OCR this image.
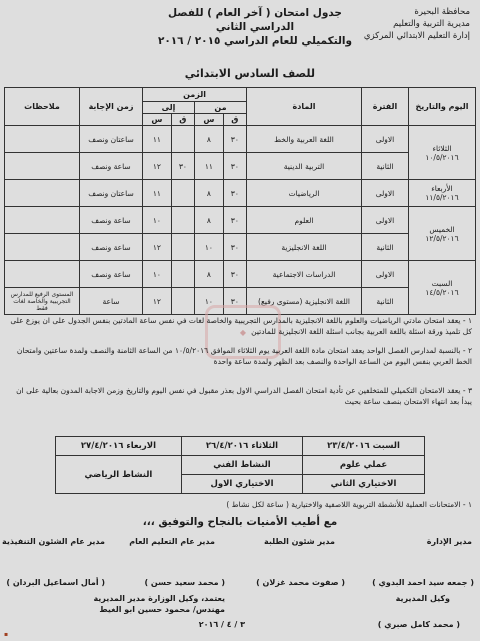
محافظة البحيرة
مديرية التربية والتعليم
إدارة التعليم الابتدائي المركزي
جدول امتحان ( آخر العام ) للفصل الدراسي الثاني
والتكميلي للعام الدراسي ٢٠١٥ / ٢٠١٦
للصف السادس الابتدائي
اليوم والتاريخ	الفترة	المادة	الزمن				زمن الإجابة	ملاحظات
			من		إلى			
			ق	س	ق	س		

الثلاثاء
١٠/٥/٢٠١٦	الاولى	اللغة العربية والخط	٣٠	٨		١١	ساعتان ونصف	
	الثانية	التربية الدينية	٣٠	١١	٣٠	١٢	ساعة ونصف	

الأربعاء
١١/٥/٢٠١٦	الاولى	الرياضيات	٣٠	٨		١١	ساعتان ونصف	

الخميس
١٢/٥/٢٠١٦	الاولى	العلوم	٣٠	٨		١٠	ساعة ونصف	
	الثانية	اللغة الانجليزية	٣٠	١٠		١٢	ساعة ونصف	

السبت
١٤/٥/٢٠١٦	الاولى	الدراسات الاجتماعية	٣٠	٨		١٠	ساعة ونصف	
	الثانية	اللغة الانجليزية (مستوى رفيع)	٣٠	١٠		١٢	ساعة	المستوى الرفيع للمدارس التجريبية والخاصة لغات فقط
◆
١ - يعقد امتحان مادتي الرياضيات والعلوم باللغة الانجليزية بالمدارس التجريبية والخاصة لغات في نفس ساعة المادتين بنفس الجدول على ان يوزع على كل تلميذ ورقة اسئلة باللغة العربية بجانب اسئلة اللغة الانجليزية للمادتين
٢ - بالنسبة لمدارس الفصل الواحد يعقد امتحان مادة اللغة العربية يوم الثلاثاء الموافق ١٠/٥/٢٠١٦ من الساعة الثامنة والنصف ولمدة ساعتين وامتحان الخط العربي بنفس اليوم من الساعة الواحدة والنصف بعد الظهر ولمدة ساعة واحدة
٣ - يعقد الامتحان التكميلي للمتخلفين عن تأدية امتحان الفصل الدراسي الاول بعذر مقبول في نفس اليوم والتاريخ وزمن الاجابة المدون بعالية على ان يبدأ بعد انتهاء الامتحان بنصف ساعة بحيث
السبت ٢٣/٤/٢٠١٦	الثلاثاء ٢٦/٤/٢٠١٦	الاربعاء ٢٧/٤/٢٠١٦
عملي علوم	النشاط الفني	النشاط الرياضي
الاختياري الثاني	الاختياري الاول	
١ - الامتحانات العملية للأنشطة التربوية اللاصفية والاختيارية ( ساعة لكل نشاط )
مع أطيب الأمنيات بالنجاح والتوفيق ،،،
مدير الإدارة
مدير شئون الطلبة
مدير عام التعليم العام
مدير عام الشئون التنفيذية
( جمعه سيد احمد البدوي )
( صفوت محمد غزلان )
( محمد سعيد حسن )
( أمال اسماعيل البردان )
وكيل المديرية
( محمد كامل صبري )
يعتمد، وكيل الوزارة مدير المديرية
مهندس/ محمود حسين ابو الغيط
٣ / ٤ / ٢٠١٦
▪
